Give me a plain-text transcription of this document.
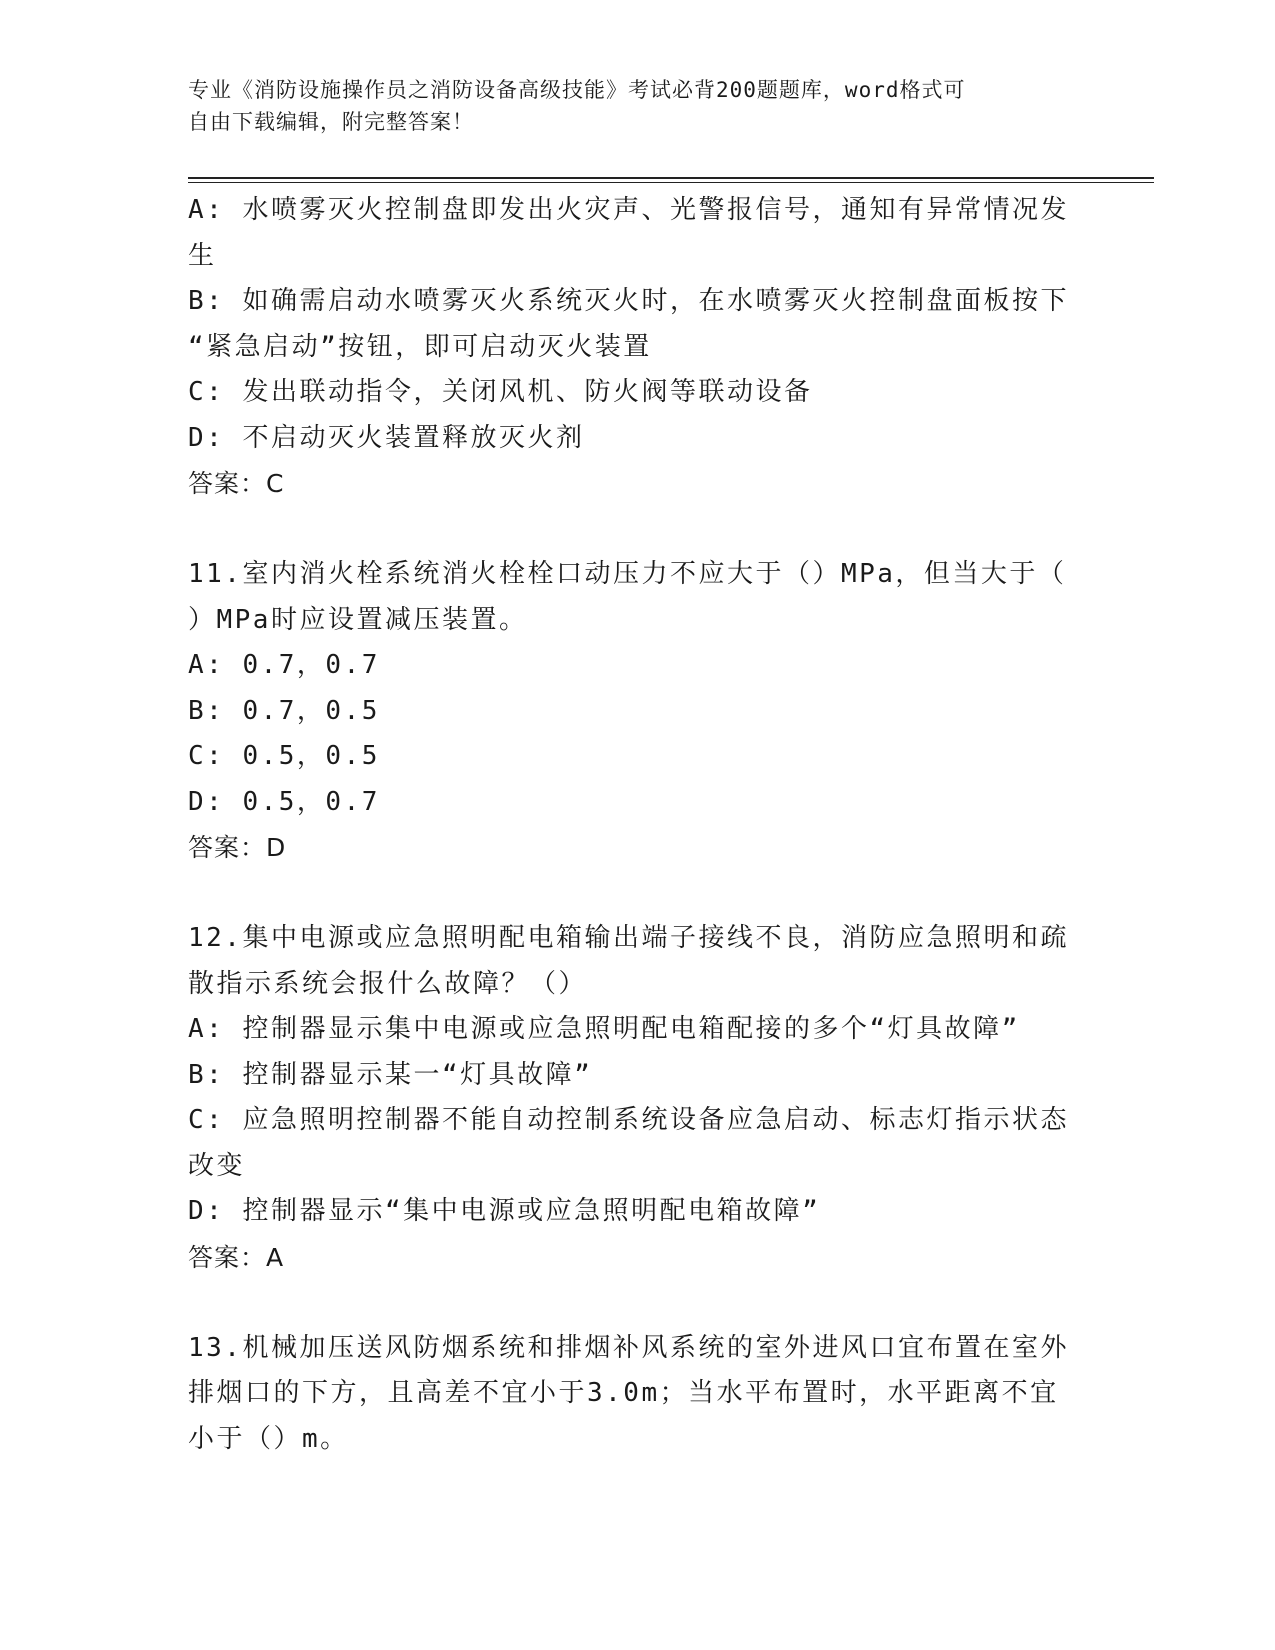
专业《消防设施操作员之消防设备高级技能》考试必背200题题库，word格式可
自由下载编辑，附完整答案！
A: 水喷雾灭火控制盘即发出火灾声、光警报信号，通知有异常情况发
生
B: 如确需启动水喷雾灭火系统灭火时，在水喷雾灭火控制盘面板按下
“紧急启动”按钮，即可启动灭火装置
C: 发出联动指令，关闭风机、防火阀等联动设备
D: 不启动灭火装置释放灭火剂
答案：C
11.室内消火栓系统消火栓栓口动压力不应大于（）MPa，但当大于（
）MPa时应设置减压装置。
A: 0.7，0.7
B: 0.7，0.5
C: 0.5，0.5
D: 0.5，0.7
答案：D
12.集中电源或应急照明配电箱输出端子接线不良，消防应急照明和疏
散指示系统会报什么故障？（）
A: 控制器显示集中电源或应急照明配电箱配接的多个“灯具故障”
B: 控制器显示某一“灯具故障”
C: 应急照明控制器不能自动控制系统设备应急启动、标志灯指示状态
改变
D: 控制器显示“集中电源或应急照明配电箱故障”
答案：A
13.机械加压送风防烟系统和排烟补风系统的室外进风口宜布置在室外
排烟口的下方，且高差不宜小于3.0m；当水平布置时，水平距离不宜
小于（）m。
